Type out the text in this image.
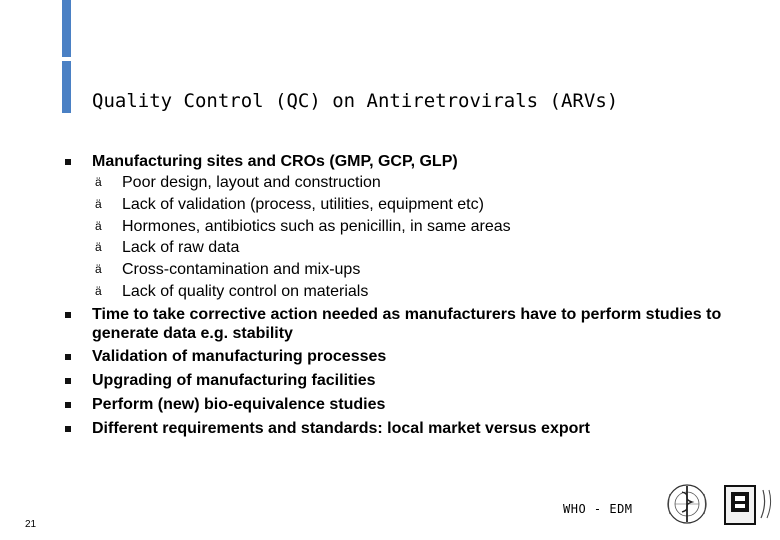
Quality Control (QC) on Antiretrovirals (ARVs)
Manufacturing sites and CROs (GMP, GCP, GLP)
ä Poor design, layout and construction
ä Lack of validation (process, utilities, equipment etc)
ä Hormones, antibiotics such as penicillin, in same areas
ä Lack of raw data
ä Cross-contamination and mix-ups
ä Lack of quality control on materials
Time to take corrective action needed as manufacturers have to perform studies to generate data e.g. stability
Validation of manufacturing processes
Upgrading of manufacturing facilities
Perform (new) bio-equivalence studies
Different requirements and standards: local market versus export
WHO - EDM
21
